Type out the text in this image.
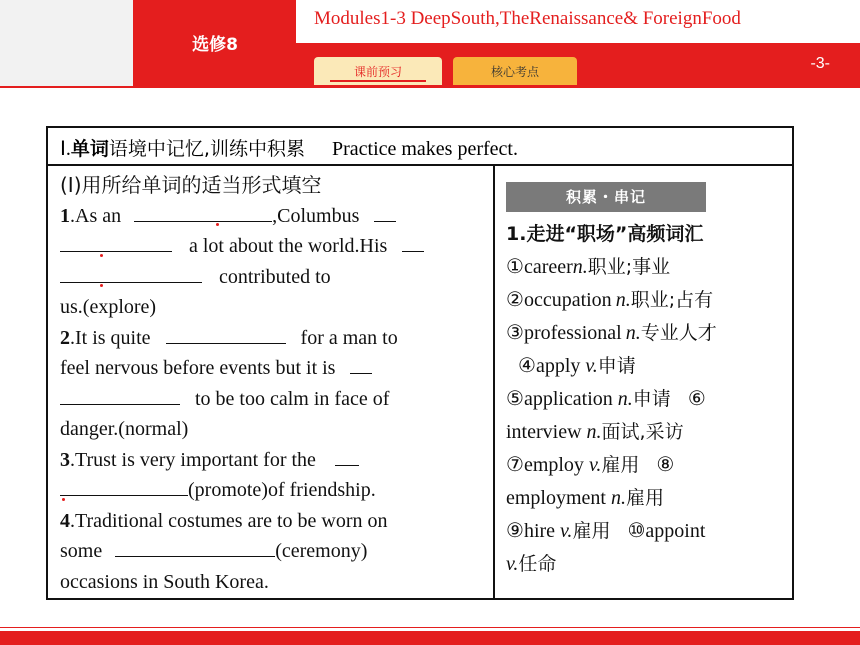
选修8
Modules1-3 DeepSouth,TheRenaissance& ForeignFood
-3-
课前预习	核心考点
Ⅰ.单词语境中记忆,训练中积累 Practice makes perfect.
(Ⅰ)用所给单词的适当形式填空
1.As an	,Columbus
a lot about the world.His
contributed to
us.(explore)
2.It is quite	for a man to
feel nervous before events but it is
to be too calm in face of
danger.(normal)
3.Trust is very important for the
(promote)of friendship.
4.Traditional costumes are to be worn on
some	(ceremony)
occasions in South Korea.
积累・串记
1.走进“职场”高频词汇
①careern.职业;事业
②occupation n.职业;占有
③professional n.专业人才 ④apply v.申请
⑤application n.申请 ⑥
interview n.面试,采访
⑦employ v.雇用 ⑧
employment n.雇用
⑨hire v.雇用 ⑩appoint
v.任命
